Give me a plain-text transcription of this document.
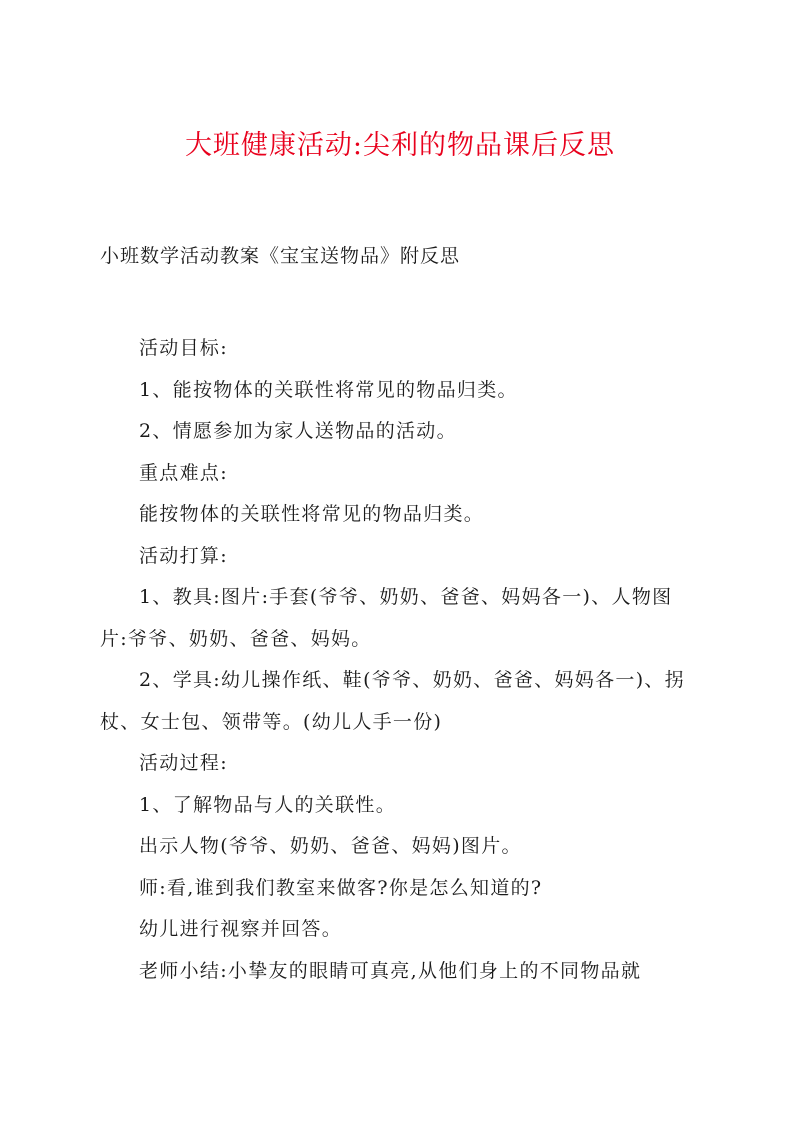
大班健康活动:尖利的物品课后反思

小班数学活动教案《宝宝送物品》附反思

活动目标:

1、能按物体的关联性将常见的物品归类。

2、情愿参加为家人送物品的活动。

重点难点:

能按物体的关联性将常见的物品归类。

活动打算:

1、教具:图片:手套(爷爷、奶奶、爸爸、妈妈各一)、人物图片:爷爷、奶奶、爸爸、妈妈。

2、学具:幼儿操作纸、鞋(爷爷、奶奶、爸爸、妈妈各一)、拐杖、女士包、领带等。(幼儿人手一份)

活动过程:

1、了解物品与人的关联性。

出示人物(爷爷、奶奶、爸爸、妈妈)图片。

师:看,谁到我们教室来做客?你是怎么知道的?

幼儿进行视察并回答。

老师小结:小挚友的眼睛可真亮,从他们身上的不同物品就
